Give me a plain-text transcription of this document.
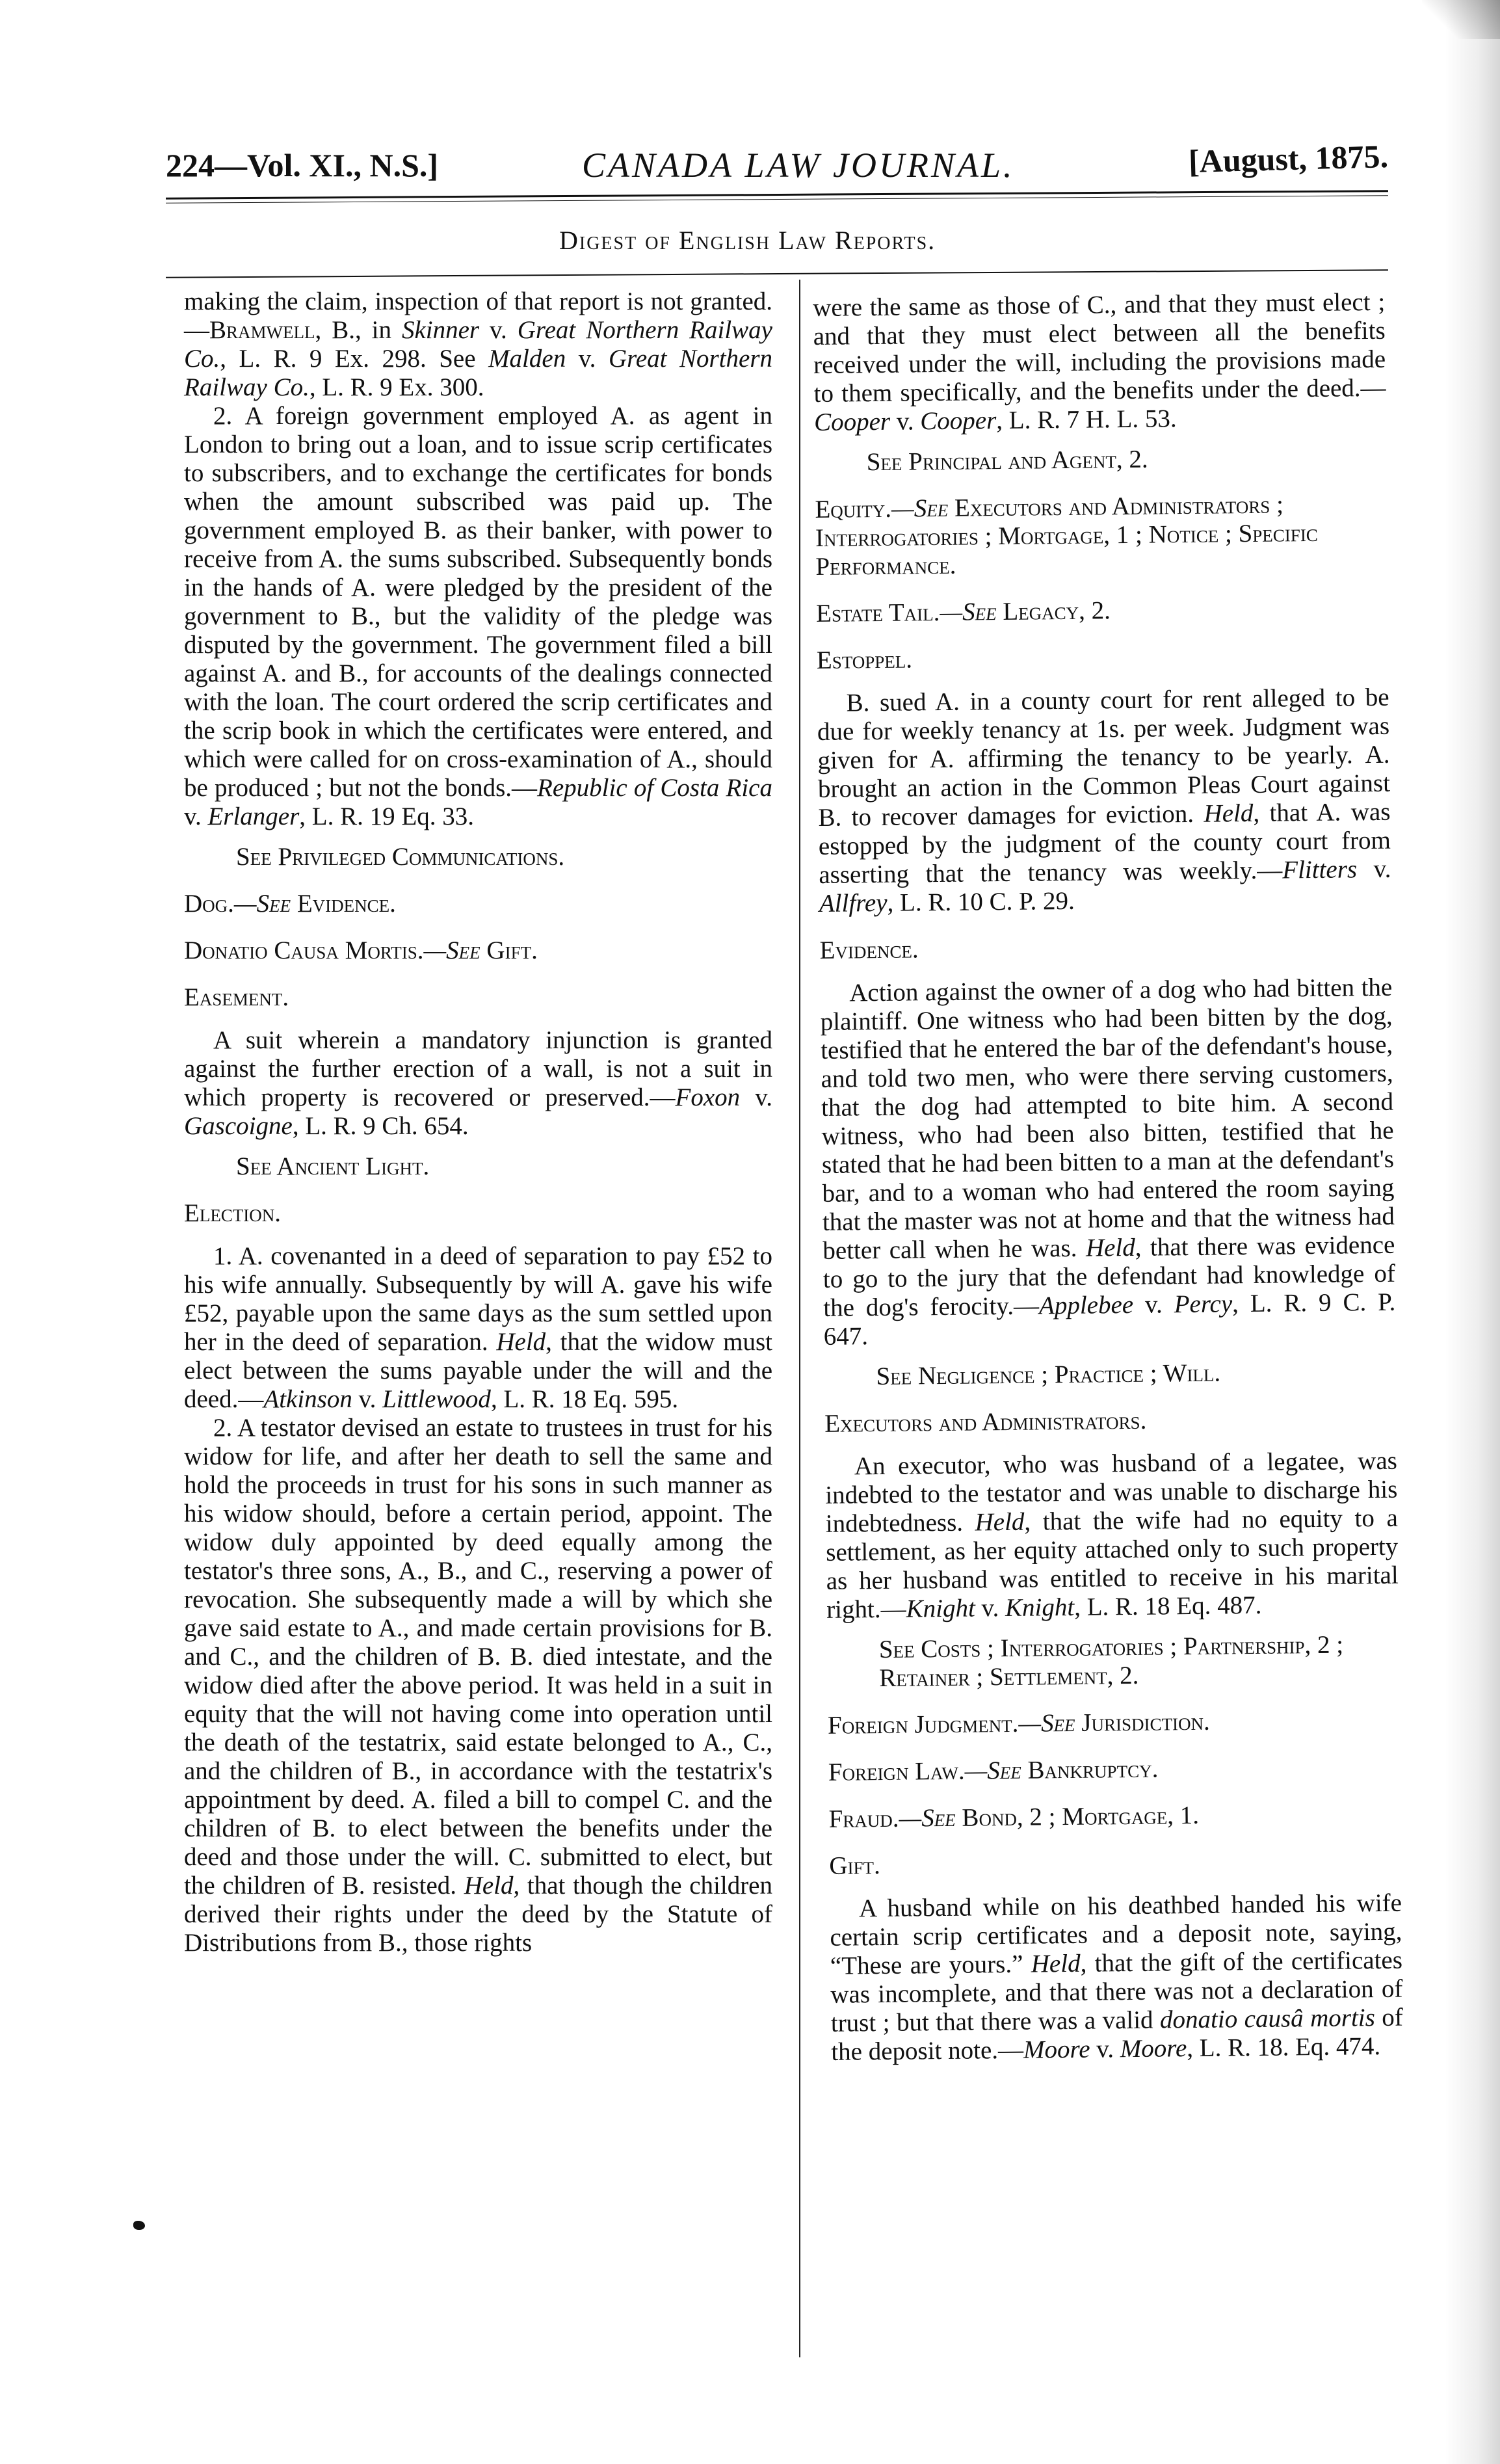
224—Vol. XI., N.S.]	CANADA LAW JOURNAL.	[August, 1875.
Digest of English Law Reports.

making the claim, inspection of that report is not granted.—Bramwell, B., in Skinner v. Great Northern Railway Co., L. R. 9 Ex. 298. See Malden v. Great Northern Railway Co., L. R. 9 Ex. 300.

2. A foreign government employed A. as agent in London to bring out a loan, and to issue scrip certificates to subscribers, and to exchange the certificates for bonds when the amount subscribed was paid up. The government employed B. as their banker, with power to receive from A. the sums subscribed. Subsequently bonds in the hands of A. were pledged by the president of the government to B., but the validity of the pledge was disputed by the government. The government filed a bill against A. and B., for accounts of the dealings connected with the loan. The court ordered the scrip certificates and the scrip book in which the certificates were entered, and which were called for on cross-examination of A., should be produced ; but not the bonds.—Republic of Costa Rica v. Erlanger, L. R. 19 Eq. 33.

See Privileged Communications.

Dog.—See Evidence.

Donatio Causa Mortis.—See Gift.

Easement.

A suit wherein a mandatory injunction is granted against the further erection of a wall, is not a suit in which property is recovered or preserved.—Foxon v. Gascoigne, L. R. 9 Ch. 654.

See Ancient Light.

Election.

1. A. covenanted in a deed of separation to pay £52 to his wife annually. Subsequently by will A. gave his wife £52, payable upon the same days as the sum settled upon her in the deed of separation. Held, that the widow must elect between the sums payable under the will and the deed.—Atkinson v. Littlewood, L. R. 18 Eq. 595.

2. A testator devised an estate to trustees in trust for his widow for life, and after her death to sell the same and hold the proceeds in trust for his sons in such manner as his widow should, before a certain period, appoint. The widow duly appointed by deed equally among the testator's three sons, A., B., and C., reserving a power of revocation. She subsequently made a will by which she gave said estate to A., and made certain provisions for B. and C., and the children of B. B. died intestate, and the widow died after the above period. It was held in a suit in equity that the will not having come into operation until the death of the testatrix, said estate belonged to A., C., and the children of B., in accordance with the testatrix's appointment by deed. A. filed a bill to compel C. and the children of B. to elect between the benefits under the deed and those under the will. C. submitted to elect, but the children of B. resisted. Held, that though the children derived their rights under the deed by the Statute of Distributions from B., those rights

were the same as those of C., and that they must elect ; and that they must elect between all the benefits received under the will, including the provisions made to them specifically, and the benefits under the deed.—Cooper v. Cooper, L. R. 7 H. L. 53.

See Principal and Agent, 2.

Equity.—See Executors and Administrators ; Interrogatories ; Mortgage, 1 ; Notice ; Specific Performance.

Estate Tail.—See Legacy, 2.

Estoppel.

B. sued A. in a county court for rent alleged to be due for weekly tenancy at 1s. per week. Judgment was given for A. affirming the tenancy to be yearly. A. brought an action in the Common Pleas Court against B. to recover damages for eviction. Held, that A. was estopped by the judgment of the county court from asserting that the tenancy was weekly.—Flitters v. Allfrey, L. R. 10 C. P. 29.

Evidence.

Action against the owner of a dog who had bitten the plaintiff. One witness who had been bitten by the dog, testified that he entered the bar of the defendant's house, and told two men, who were there serving customers, that the dog had attempted to bite him. A second witness, who had been also bitten, testified that he stated that he had been bitten to a man at the defendant's bar, and to a woman who had entered the room saying that the master was not at home and that the witness had better call when he was. Held, that there was evidence to go to the jury that the defendant had knowledge of the dog's ferocity.—Applebee v. Percy, L. R. 9 C. P. 647.

See Negligence ; Practice ; Will.

Executors and Administrators.

An executor, who was husband of a legatee, was indebted to the testator and was unable to discharge his indebtedness. Held, that the wife had no equity to a settlement, as her equity attached only to such property as her husband was entitled to receive in his marital right.—Knight v. Knight, L. R. 18 Eq. 487.

See Costs ; Interrogatories ; Partnership, 2 ; Retainer ; Settlement, 2.

Foreign Judgment.—See Jurisdiction.

Foreign Law.—See Bankruptcy.

Fraud.—See Bond, 2 ; Mortgage, 1.

Gift.

A husband while on his deathbed handed his wife certain scrip certificates and a deposit note, saying, “These are yours.” Held, that the gift of the certificates was incomplete, and that there was not a declaration of trust ; but that there was a valid donatio causâ mortis of the deposit note.—Moore v. Moore, L. R. 18. Eq. 474.
